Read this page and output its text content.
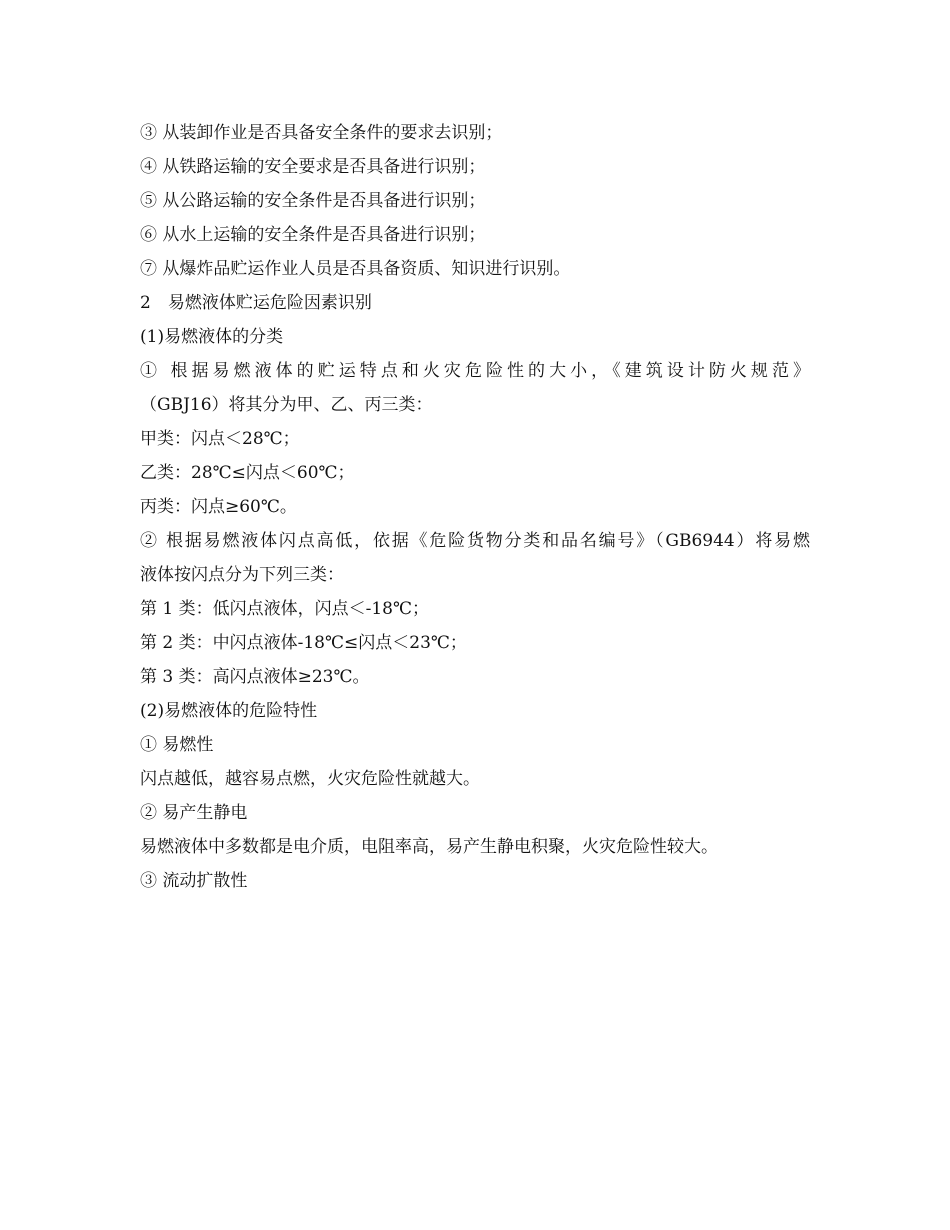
③ 从装卸作业是否具备安全条件的要求去识别；
④ 从铁路运输的安全要求是否具备进行识别；
⑤ 从公路运输的安全条件是否具备进行识别；
⑥ 从水上运输的安全条件是否具备进行识别；
⑦ 从爆炸品贮运作业人员是否具备资质、知识进行识别。
2　易燃液体贮运危险因素识别
(1)易燃液体的分类
① 根据易燃液体的贮运特点和火灾危险性的大小，《建筑设计防火规范》
（GBJ16）将其分为甲、乙、丙三类：
甲类：闪点＜28℃；
乙类：28℃≤闪点＜60℃；
丙类：闪点≥60℃。
② 根据易燃液体闪点高低，依据《危险货物分类和品名编号》（GB6944）将易燃
液体按闪点分为下列三类：
第 1 类：低闪点液体，闪点＜-18℃；
第 2 类：中闪点液体-18℃≤闪点＜23℃；
第 3 类：高闪点液体≥23℃。
(2)易燃液体的危险特性
① 易燃性
闪点越低，越容易点燃，火灾危险性就越大。
② 易产生静电
易燃液体中多数都是电介质，电阻率高，易产生静电积聚，火灾危险性较大。
③ 流动扩散性
